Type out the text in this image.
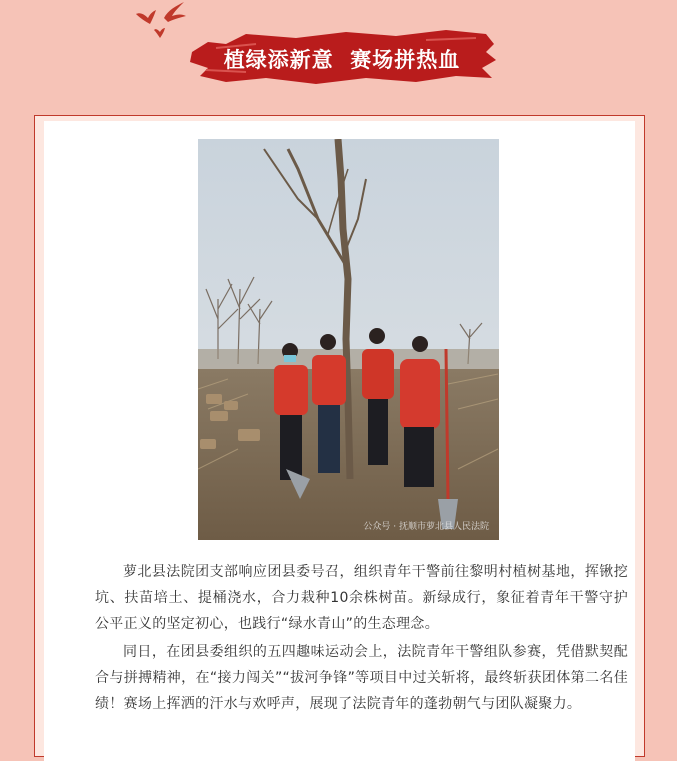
植绿添新意  赛场拼热血
公众号 · 抚顺市萝北县人民法院

萝北县法院团支部响应团县委号召，组织青年干警前往黎明村植树基地，挥锹挖坑、扶苗培土、提桶浇水，合力栽种10余株树苗。新绿成行，象征着青年干警守护公平正义的坚定初心，也践行“绿水青山”的生态理念。

同日，在团县委组织的五四趣味运动会上，法院青年干警组队参赛，凭借默契配合与拼搏精神，在“接力闯关”“拔河争锋”等项目中过关斩将，最终斩获团体第二名佳绩！赛场上挥洒的汗水与欢呼声，展现了法院青年的蓬勃朝气与团队凝聚力。
